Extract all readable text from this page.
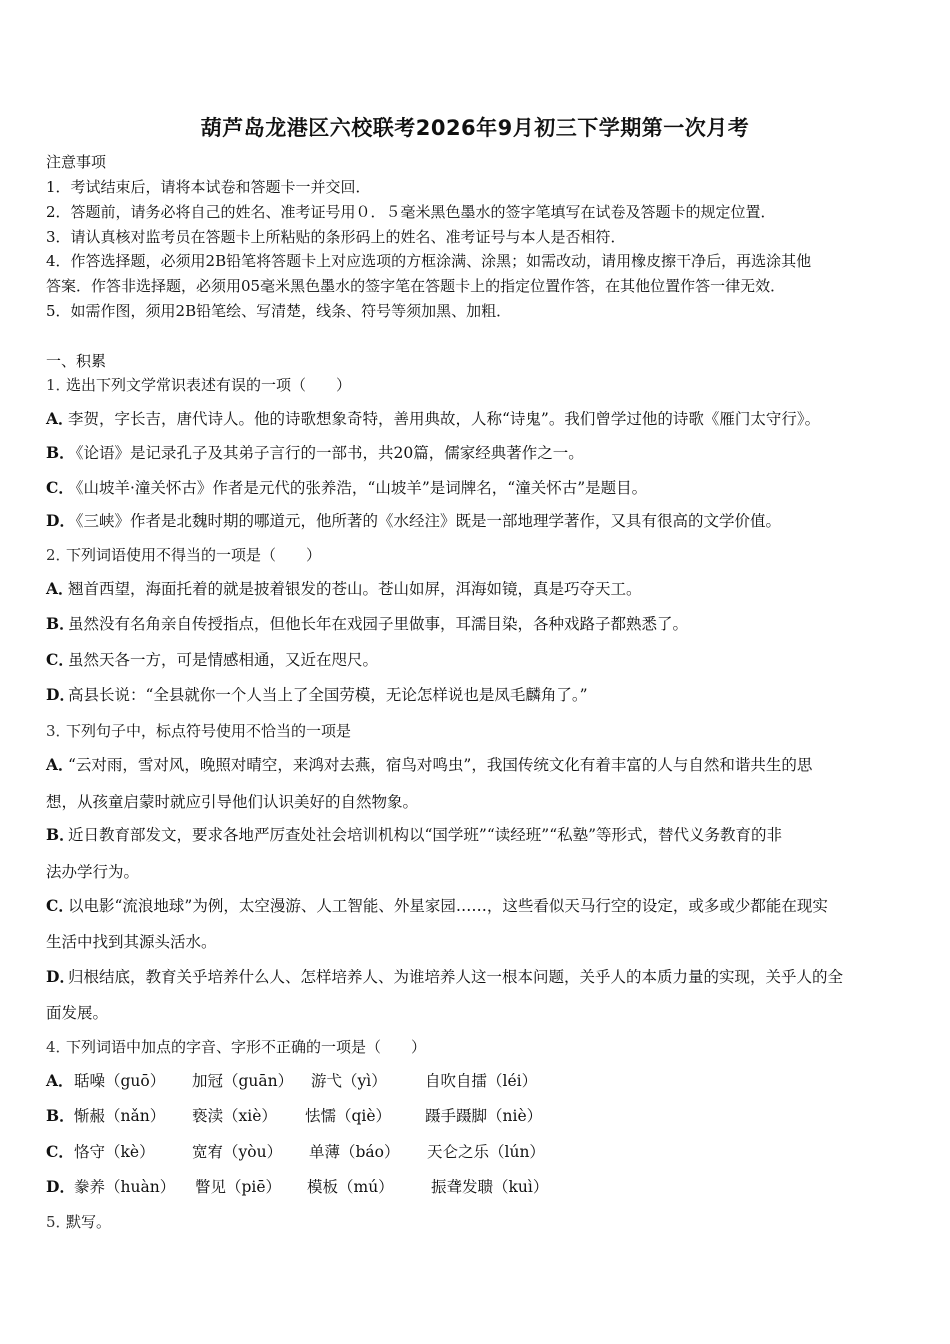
葫芦岛龙港区六校联考2026年9月初三下学期第一次月考
注意事项
1．考试结束后，请将本试卷和答题卡一并交回．
2．答题前，请务必将自己的姓名、准考证号用０．５毫米黑色墨水的签字笔填写在试卷及答题卡的规定位置．
3．请认真核对监考员在答题卡上所粘贴的条形码上的姓名、准考证号与本人是否相符．
4．作答选择题，必须用2B铅笔将答题卡上对应选项的方框涂满、涂黑；如需改动，请用橡皮擦干净后，再选涂其他
答案．作答非选择题，必须用05毫米黑色墨水的签字笔在答题卡上的指定位置作答，在其他位置作答一律无效．
5．如需作图，须用2B铅笔绘、写清楚，线条、符号等须加黑、加粗．
一、积累
1．选出下列文学常识表述有误的一项（　　）
A．李贺，字长吉，唐代诗人。他的诗歌想象奇特，善用典故，人称“诗鬼”。我们曾学过他的诗歌《雁门太守行》。
B．《论语》是记录孔子及其弟子言行的一部书，共20篇，儒家经典著作之一。
C．《山坡羊·潼关怀古》作者是元代的张养浩，“山坡羊”是词牌名，“潼关怀古”是题目。
D．《三峡》作者是北魏时期的哪道元，他所著的《水经注》既是一部地理学著作，又具有很高的文学价值。
2．下列词语使用不得当的一项是（　　）
A．翘首西望，海面托着的就是披着银发的苍山。苍山如屏，洱海如镜，真是巧夺天工。
B．虽然没有名角亲自传授指点，但他长年在戏园子里做事，耳濡目染，各种戏路子都熟悉了。
C．虽然天各一方，可是情感相通，又近在咫尺。
D．高县长说：“全县就你一个人当上了全国劳模，无论怎样说也是凤毛麟角了。”
3．下列句子中，标点符号使用不恰当的一项是
A．“云对雨，雪对风，晚照对晴空，来鸿对去燕，宿鸟对鸣虫”，我国传统文化有着丰富的人与自然和谐共生的思
想，从孩童启蒙时就应引导他们认识美好的自然物象。
B．近日教育部发文，要求各地严厉查处社会培训机构以“国学班”“读经班”“私塾”等形式，替代义务教育的非
法办学行为。
C．以电影“流浪地球”为例，太空漫游、人工智能、外星家园……，这些看似天马行空的设定，或多或少都能在现实
生活中找到其源头活水。
D．归根结底，教育关乎培养什么人、怎样培养人、为谁培养人这一根本问题，关乎人的本质力量的实现，关乎人的全
面发展。
4．下列词语中加点的字音、字形不正确的一项是（　　）
A． 聒噪（guō） 加冠（guān） 游弋（yì） 自吹自擂（léi）
B． 惭赧（nǎn） 亵渎（xiè） 怯懦（qiè） 蹑手蹑脚（niè）
C． 恪守（kè） 宽宥（yòu） 单薄（báo） 天仑之乐（lún）
D． 豢养（huàn） 瞥见（piē） 模板（mú） 振聋发聩（kuì）
5．默写。
